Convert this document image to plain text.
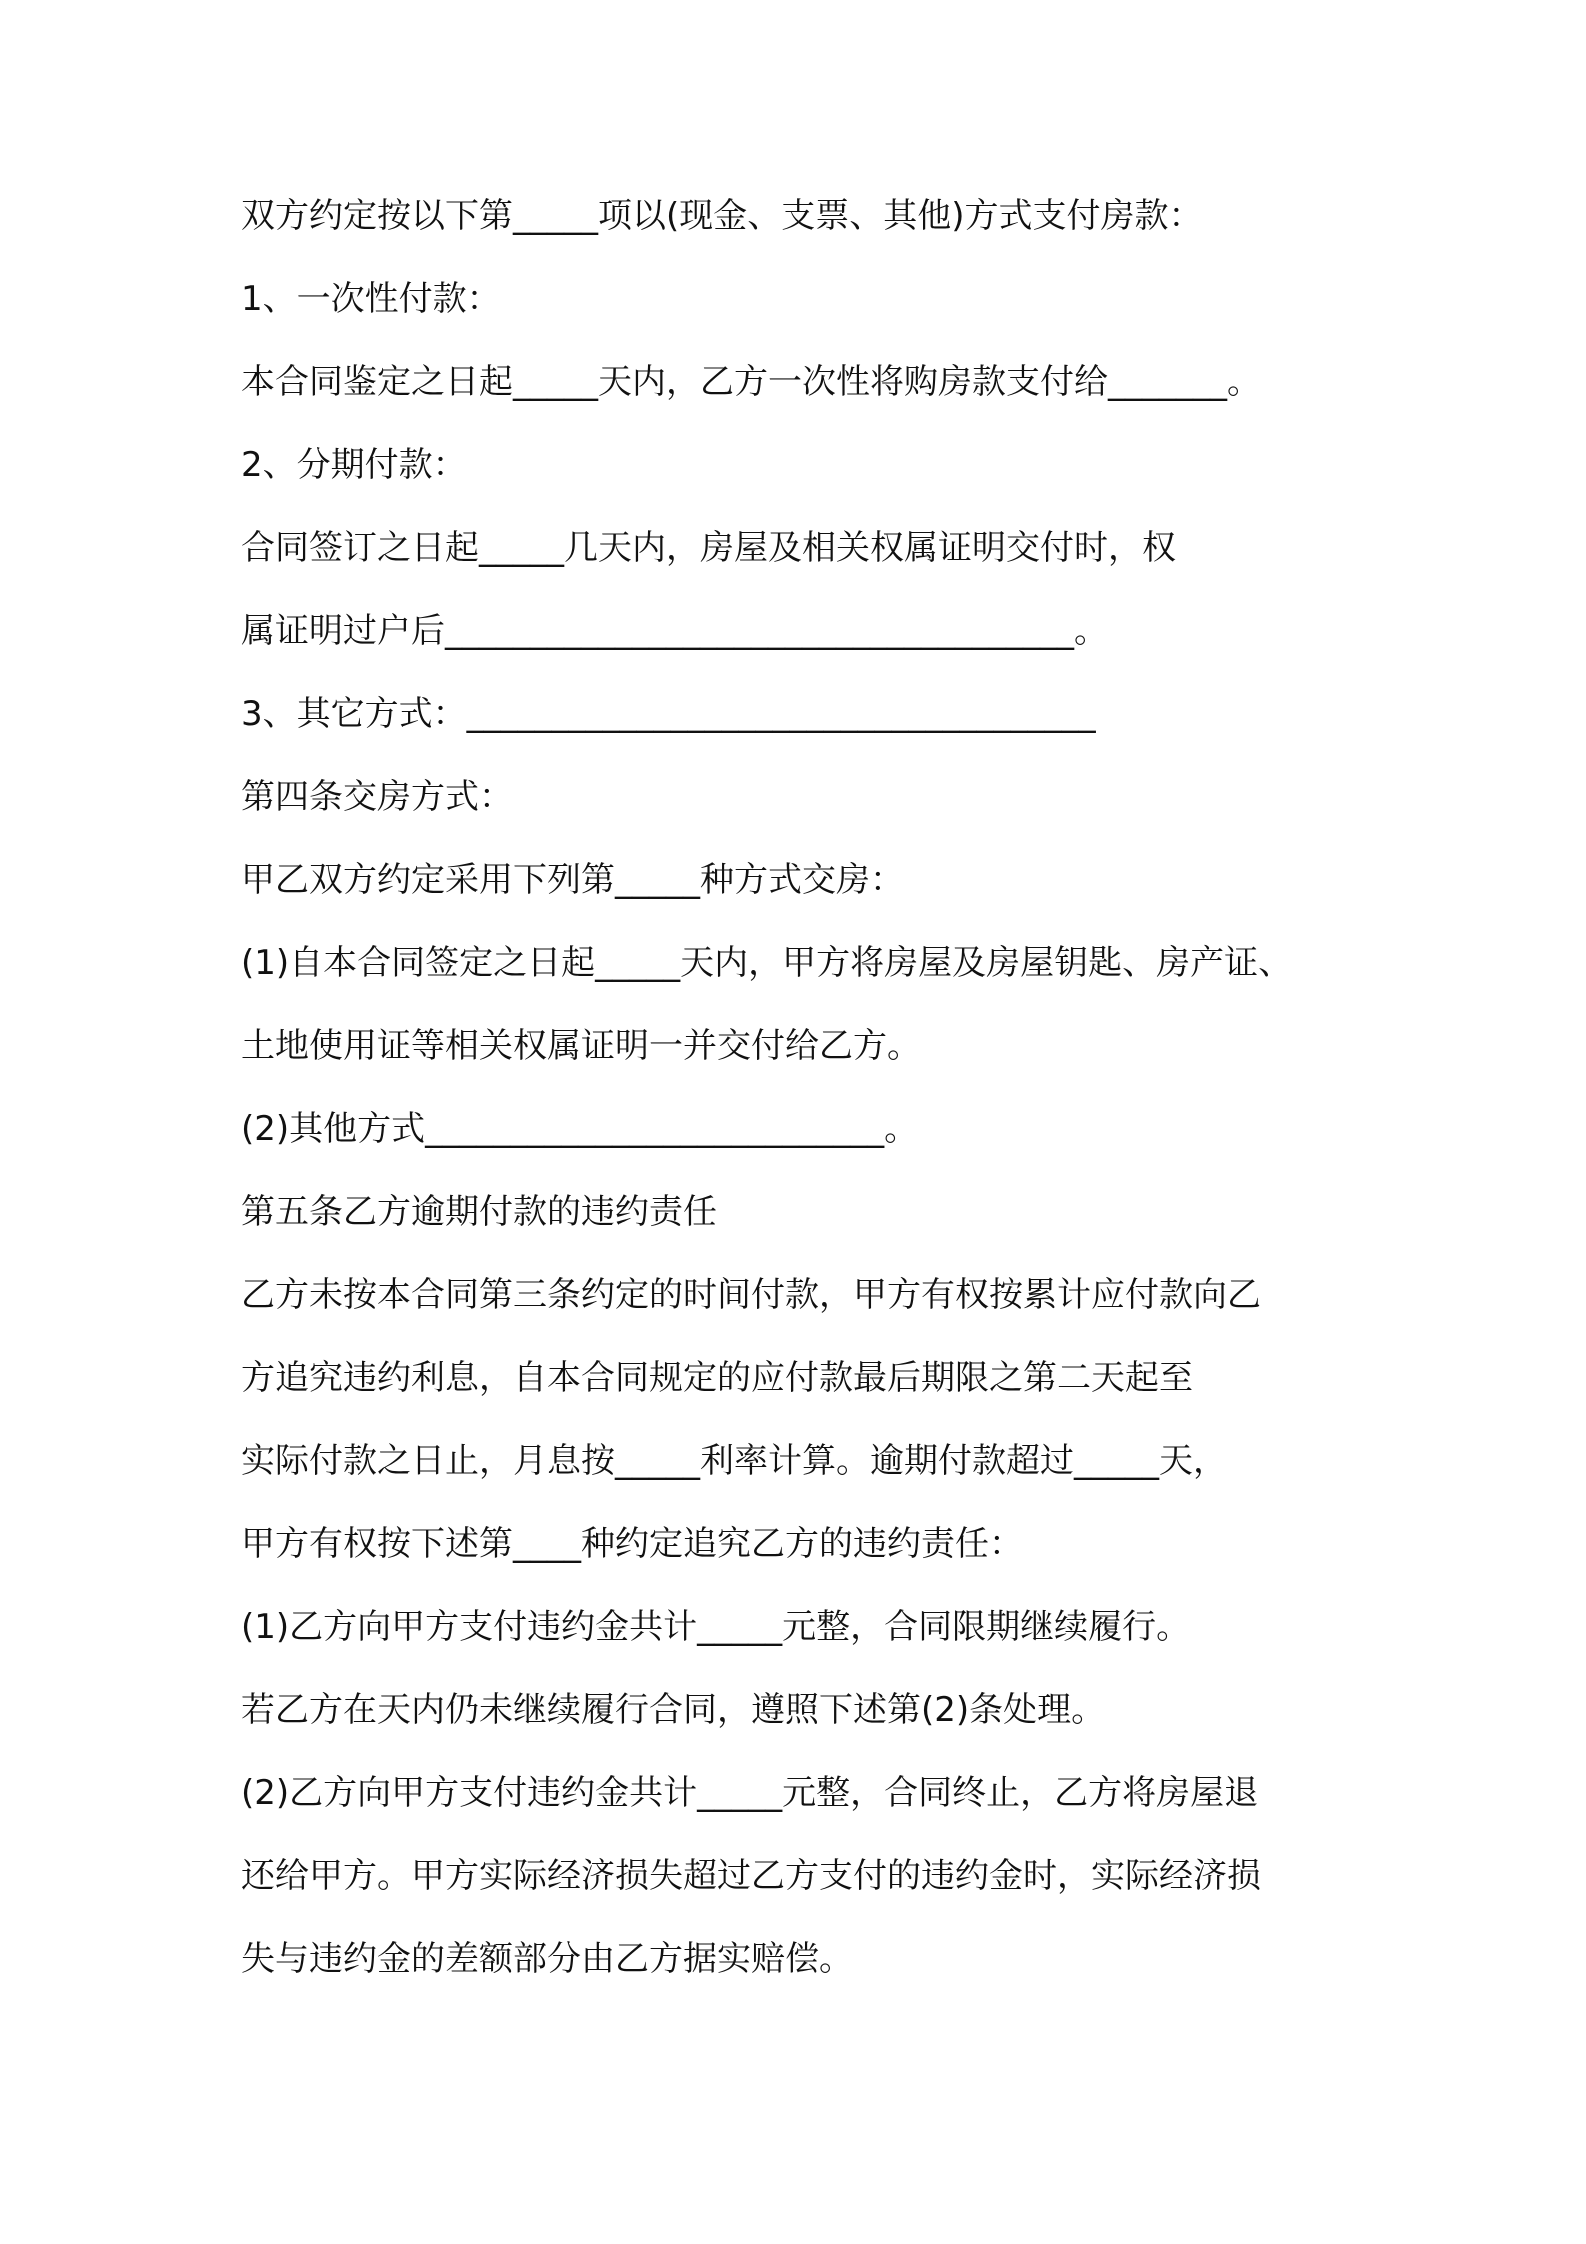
双方约定按以下第_____项以(现金、支票、其他)方式支付房款：
1、一次性付款：
本合同鉴定之日起_____天内，乙方一次性将购房款支付给_______。
2、分期付款：
合同签订之日起_____几天内，房屋及相关权属证明交付时，权
属证明过户后_____________________________________。
3、其它方式：_____________________________________
第四条交房方式：
甲乙双方约定采用下列第_____种方式交房：
(1)自本合同签定之日起_____天内，甲方将房屋及房屋钥匙、房产证、
土地使用证等相关权属证明一并交付给乙方。
(2)其他方式___________________________。
第五条乙方逾期付款的违约责任
乙方未按本合同第三条约定的时间付款，甲方有权按累计应付款向乙
方追究违约利息，自本合同规定的应付款最后期限之第二天起至
实际付款之日止，月息按_____利率计算。逾期付款超过_____天，
甲方有权按下述第____种约定追究乙方的违约责任：
(1)乙方向甲方支付违约金共计_____元整，合同限期继续履行。
若乙方在天内仍未继续履行合同，遵照下述第(2)条处理。
(2)乙方向甲方支付违约金共计_____元整，合同终止，乙方将房屋退
还给甲方。甲方实际经济损失超过乙方支付的违约金时，实际经济损
失与违约金的差额部分由乙方据实赔偿。
